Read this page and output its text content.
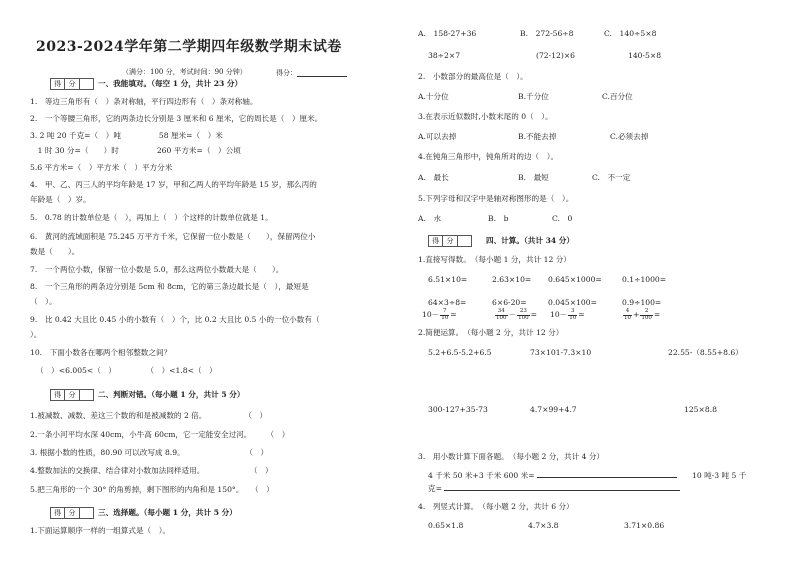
2023-2024学年第二学期四年级数学期末试卷
（满分：100 分，考试时间：90 分钟）	得分：
得	分	一、我能填对。（每空 1 分，共计 23 分）
1.　等边三角形有（　）条对称轴，平行四边形有（　）条对称轴。
2.　一个等腰三角形，它的两条边长分别是 3 厘米和 6 厘米，它的周长是（　）厘米。
3. 2 吨 20 千克=（　）吨　　　　　58 厘米=（　）米
　1 时 30 分=（　　）时　　　　　260 平方米=（　）公顷
5.6 平方米=（　）平方米（　）平方分米
4.　甲、乙、丙三人的平均年龄是 17 岁，甲和乙两人的平均年龄是 15 岁，那么丙的
年龄是（　）岁。
5.　0.78 的计数单位是（　），再加上（　）个这样的计数单位就是 1。
6.　黄河的流域面积是 75.245 万平方千米，它保留一位小数是（　　），保留两位小
数是（　　）。
7.　一个两位小数，保留一位小数是 5.0，那么这两位小数最大是（　　）。
8.　一个三角形的两条边分别是 5cm 和 8cm，它的第三条边最长是（　），最短是
（　）。
9.　比 0.42 大且比 0.45 小的小数有（　）个，比 0.2 大且比 0.5 小的一位小数有（
）。
10.　下面小数各在哪两个相邻整数之间？
（　）<6.005<（　）　　　　　（　）<1.8<（　）
得	分	二、判断对错。（每小题 1 分，共计 5 分）
1.被减数、减数、差这三个数的和是被减数的 2 倍。　　　　　　（　）
2.一条小河平均水深 40cm，小牛高 60cm，它一定能安全过河。　　　（　）
3. 根据小数的性质，80.90 可以改写成 8.9。　　　　　　　　　（　）
4.整数加法的交换律、结合律对小数加法同样适用。　　　　　　　（　）
5.把三角形的一个 30° 的角剪掉，剩下图形的内角和是 150°。　　（　）
得	分	三、选择题。（每小题 1 分，共计 5 分）
1.下面运算顺序一样的一组算式是（　）。
A.　158-27+36	B.　272-56÷8	C.　140÷5×8
38÷2×7	(72-12)×6	140-5×8
2.　小数部分的最高位是（　）。
A.十分位	B.千分位	C.百分位
3.在表示近似数时,小数末尾的 0（　）。
A.可以去掉	B.不能去掉	C.必须去掉
4.在钝角三角形中，钝角所对的边（　）。
A.　最长	B.　最短	C.　不一定
5.下列字母和汉字中是轴对称图形的是（　）。
A.　水	B.　b	C.　0
得	分	四、计算。（共计 34 分）
1.直接写得数。　（每小题 1 分，共计 12 分）
6.51×10=	2.63×10= 0.645×1000=	0.1÷1000=
64×3÷8=	6×6-20=	0.045×100=	0.9÷100=
$10- \frac{7}{10}$ =	$\frac{34}{100} - \frac{23}{100} = 10- \frac{3}{10}$ =	$\frac{4}{10} + \frac{2}{100}$ =
2.简便运算。　（每小题 2 分，共计 12 分）
5.2+6.5-5.2+6.5	73×101-7.3×10	22.55-（8.55+8.6）
300-127+35-73	4.7×99+4.7	125×8.8
3.　用小数计算下面各题。　（每小题 2 分，共计 4 分）
4 千米 50 米+3 千米 600 米=	10 吨-3 吨 5 千
克=
4.　列竖式计算。　（每小题 2 分，共计 6 分）
0.65×1.8	4.7×3.8	3.71×0.86
